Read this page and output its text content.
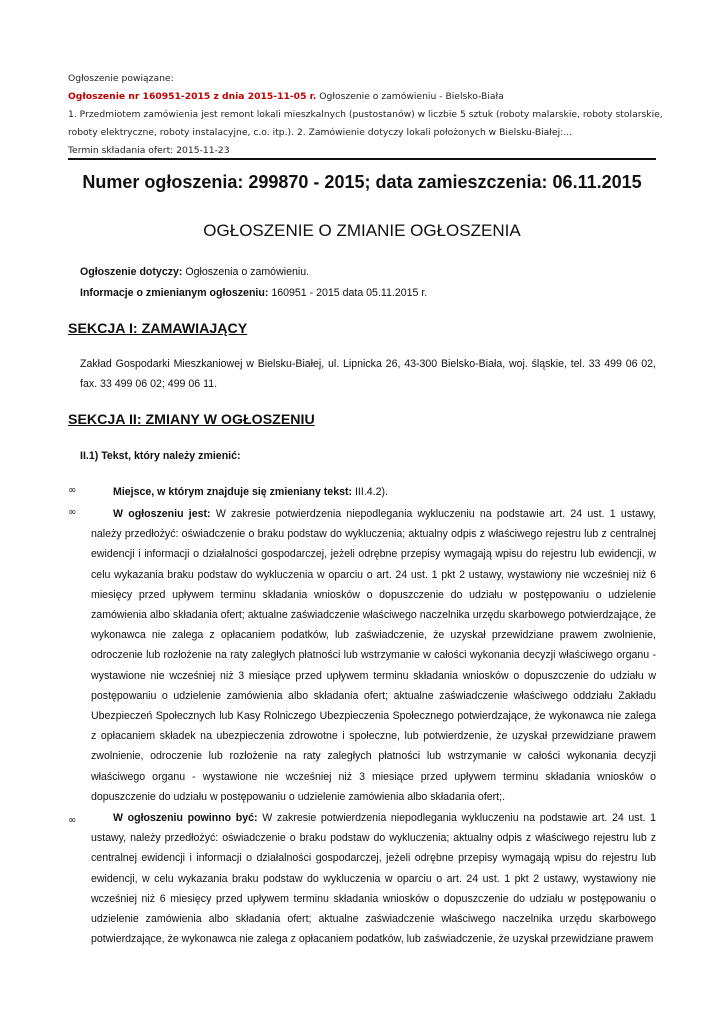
Ogłoszenie powiązane:
Ogłoszenie nr 160951-2015 z dnia 2015-11-05 r. Ogłoszenie o zamówieniu - Bielsko-Biała
1. Przedmiotem zamówienia jest remont lokali mieszkalnych (pustostanów) w liczbie 5 sztuk (roboty malarskie, roboty stolarskie,
roboty elektryczne, roboty instalacyjne, c.o. itp.). 2. Zamówienie dotyczy lokali położonych w Bielsku-Białej:...
Termin składania ofert: 2015-11-23
Numer ogłoszenia: 299870 - 2015; data zamieszczenia: 06.11.2015
OGŁOSZENIE O ZMIANIE OGŁOSZENIA
Ogłoszenie dotyczy: Ogłoszenia o zamówieniu.
Informacje o zmienianym ogłoszeniu: 160951 - 2015 data 05.11.2015 r.
SEKCJA I: ZAMAWIAJĄCY
Zakład Gospodarki Mieszkaniowej w Bielsku-Białej, ul. Lipnicka 26, 43-300 Bielsko-Biała, woj. śląskie, tel. 33 499 06 02, fax. 33 499 06 02; 499 06 11.
SEKCJA II: ZMIANY W OGŁOSZENIU
II.1) Tekst, który należy zmienić:
∞	Miejsce, w którym znajduje się zmieniany tekst: III.4.2).
∞	W ogłoszeniu jest: W zakresie potwierdzenia niepodlegania wykluczeniu na podstawie art. 24 ust. 1 ustawy, należy przedłożyć: oświadczenie o braku podstaw do wykluczenia; aktualny odpis z właściwego rejestru lub z centralnej ewidencji i informacji o działalności gospodarczej, jeżeli odrębne przepisy wymagają wpisu do rejestru lub ewidencji, w celu wykazania braku podstaw do wykluczenia w oparciu o art. 24 ust. 1 pkt 2 ustawy, wystawiony nie wcześniej niż 6 miesięcy przed upływem terminu składania wniosków o dopuszczenie do udziału w postępowaniu o udzielenie zamówienia albo składania ofert; aktualne zaświadczenie właściwego naczelnika urzędu skarbowego potwierdzające, że wykonawca nie zalega z opłacaniem podatków, lub zaświadczenie, że uzyskał przewidziane prawem zwolnienie, odroczenie lub rozłożenie na raty zaległych płatności lub wstrzymanie w całości wykonania decyzji właściwego organu - wystawione nie wcześniej niż 3 miesiące przed upływem terminu składania wniosków o dopuszczenie do udziału w postępowaniu o udzielenie zamówienia albo składania ofert; aktualne zaświadczenie właściwego oddziału Zakładu Ubezpieczeń Społecznych lub Kasy Rolniczego Ubezpieczenia Społecznego potwierdzające, że wykonawca nie zalega z opłacaniem składek na ubezpieczenia zdrowotne i społeczne, lub potwierdzenie, że uzyskał przewidziane prawem zwolnienie, odroczenie lub rozłożenie na raty zaległych płatności lub wstrzymanie w całości wykonania decyzji właściwego organu - wystawione nie wcześniej niż 3 miesiące przed upływem terminu składania wniosków o dopuszczenie do udziału w postępowaniu o udzielenie zamówienia albo składania ofert;.
∞	W ogłoszeniu powinno być: W zakresie potwierdzenia niepodlegania wykluczeniu na podstawie art. 24 ust. 1 ustawy, należy przedłożyć: oświadczenie o braku podstaw do wykluczenia; aktualny odpis z właściwego rejestru lub z centralnej ewidencji i informacji o działalności gospodarczej, jeżeli odrębne przepisy wymagają wpisu do rejestru lub ewidencji, w celu wykazania braku podstaw do wykluczenia w oparciu o art. 24 ust. 1 pkt 2 ustawy, wystawiony nie wcześniej niż 6 miesięcy przed upływem terminu składania wniosków o dopuszczenie do udziału w postępowaniu o udzielenie zamówienia albo składania ofert; aktualne zaświadczenie właściwego naczelnika urzędu skarbowego potwierdzające, że wykonawca nie zalega z opłacaniem podatków, lub zaświadczenie, że uzyskał przewidziane prawem
